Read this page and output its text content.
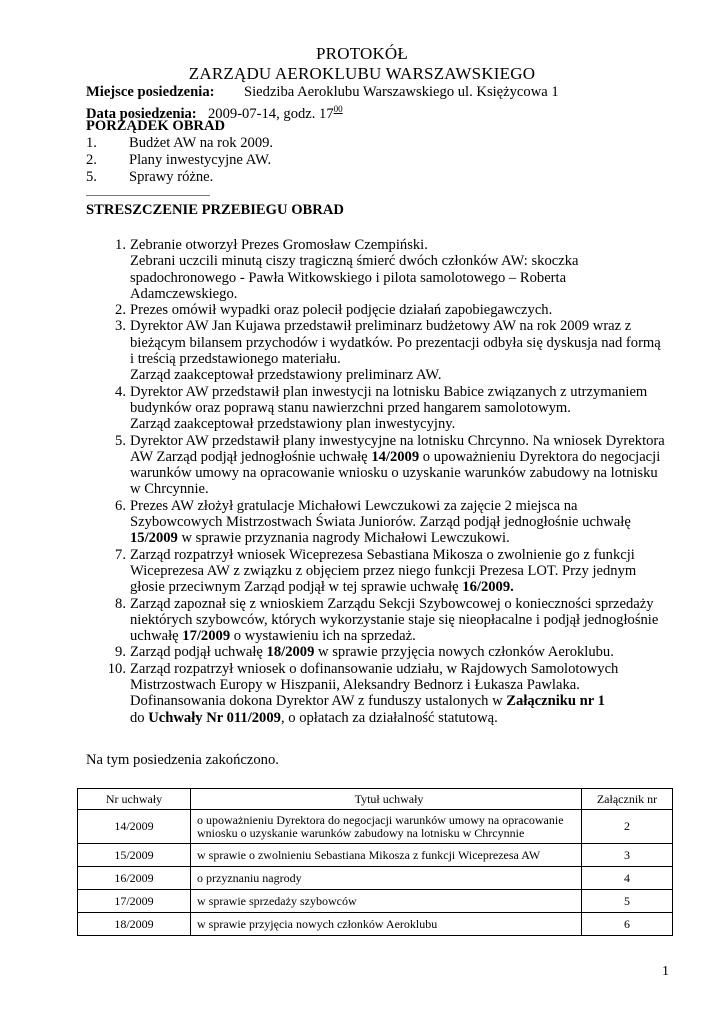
PROTOKÓŁ
ZARZĄDU AEROKLUBU WARSZAWSKIEGO
Miejsce posiedzenia: Siedziba Aeroklubu Warszawskiego ul. Księżycowa 1
Data posiedzenia: 2009-07-14, godz. $17^{00}$
PORZĄDEK OBRAD
1. Budżet AW na rok 2009.
2. Plany inwestycyjne AW.
5. Sprawy różne.
STRESZCZENIE PRZEBIEGU OBRAD
1. Zebranie otworzył Prezes Gromosław Czempiński.
Zebrani uczcili minutą ciszy tragiczną śmierć dwóch członków AW: skoczka
spadochronowego - Pawła Witkowskiego i pilota samolotowego – Roberta
Adamczewskiego.
2. Prezes omówił wypadki oraz polecił podjęcie działań zapobiegawczych.
3. Dyrektor AW Jan Kujawa przedstawił preliminarz budżetowy AW na rok 2009 wraz z
bieżącym bilansem przychodów i wydatków. Po prezentacji odbyła się dyskusja nad formą
i treścią przedstawionego materiału.
Zarząd zaakceptował przedstawiony preliminarz AW.
4. Dyrektor AW przedstawił plan inwestycji na lotnisku Babice związanych z utrzymaniem
budynków oraz poprawą stanu nawierzchni przed hangarem samolotowym.
Zarząd zaakceptował przedstawiony plan inwestycyjny.
5. Dyrektor AW przedstawił plany inwestycyjne na lotnisku Chrcynno. Na wniosek Dyrektora
AW Zarząd podjął jednogłośnie uchwałę 14/2009 o upoważnieniu Dyrektora do negocjacji
warunków umowy na opracowanie wniosku o uzyskanie warunków zabudowy na lotnisku
w Chrcynnie.
6. Prezes AW złożył gratulacje Michałowi Lewczukowi za zajęcie 2 miejsca na
Szybowcowych Mistrzostwach Świata Juniorów. Zarząd podjął jednogłośnie uchwałę
15/2009 w sprawie przyznania nagrody Michałowi Lewczukowi.
7. Zarząd rozpatrzył wniosek Wiceprezesa Sebastiana Mikosza o zwolnienie go z funkcji
Wiceprezesa AW z związku z objęciem przez niego funkcji Prezesa LOT. Przy jednym
głosie przeciwnym Zarząd podjął w tej sprawie uchwałę 16/2009.
8. Zarząd zapoznał się z wnioskiem Zarządu Sekcji Szybowcowej o konieczności sprzedaży
niektórych szybowców, których wykorzystanie staje się nieopłacalne i podjął jednogłośnie
uchwałę 17/2009 o wystawieniu ich na sprzedaż.
9. Zarząd podjął uchwałę 18/2009 w sprawie przyjęcia nowych członków Aeroklubu.
10. Zarząd rozpatrzył wniosek o dofinansowanie udziału, w Rajdowych Samolotowych
Mistrzostwach Europy w Hiszpanii, Aleksandry Bednorz i Łukasza Pawlaka.
Dofinansowania dokona Dyrektor AW z funduszy ustalonych w Załączniku nr 1
do Uchwały Nr 011/2009, o opłatach za działalność statutową.
Na tym posiedzenia zakończono.
Nr uchwały	Tytuł uchwały	Załącznik nr
14/2009	o upoważnieniu Dyrektora do negocjacji warunków umowy na opracowanie
wniosku o uzyskanie warunków zabudowy na lotnisku w Chrcynnie	2
15/2009	w sprawie o zwolnieniu Sebastiana Mikosza z funkcji Wiceprezesa AW	3
16/2009	o przyznaniu nagrody	4
17/2009	w sprawie sprzedaży szybowców	5
18/2009	w sprawie przyjęcia nowych członków Aeroklubu	6
1
